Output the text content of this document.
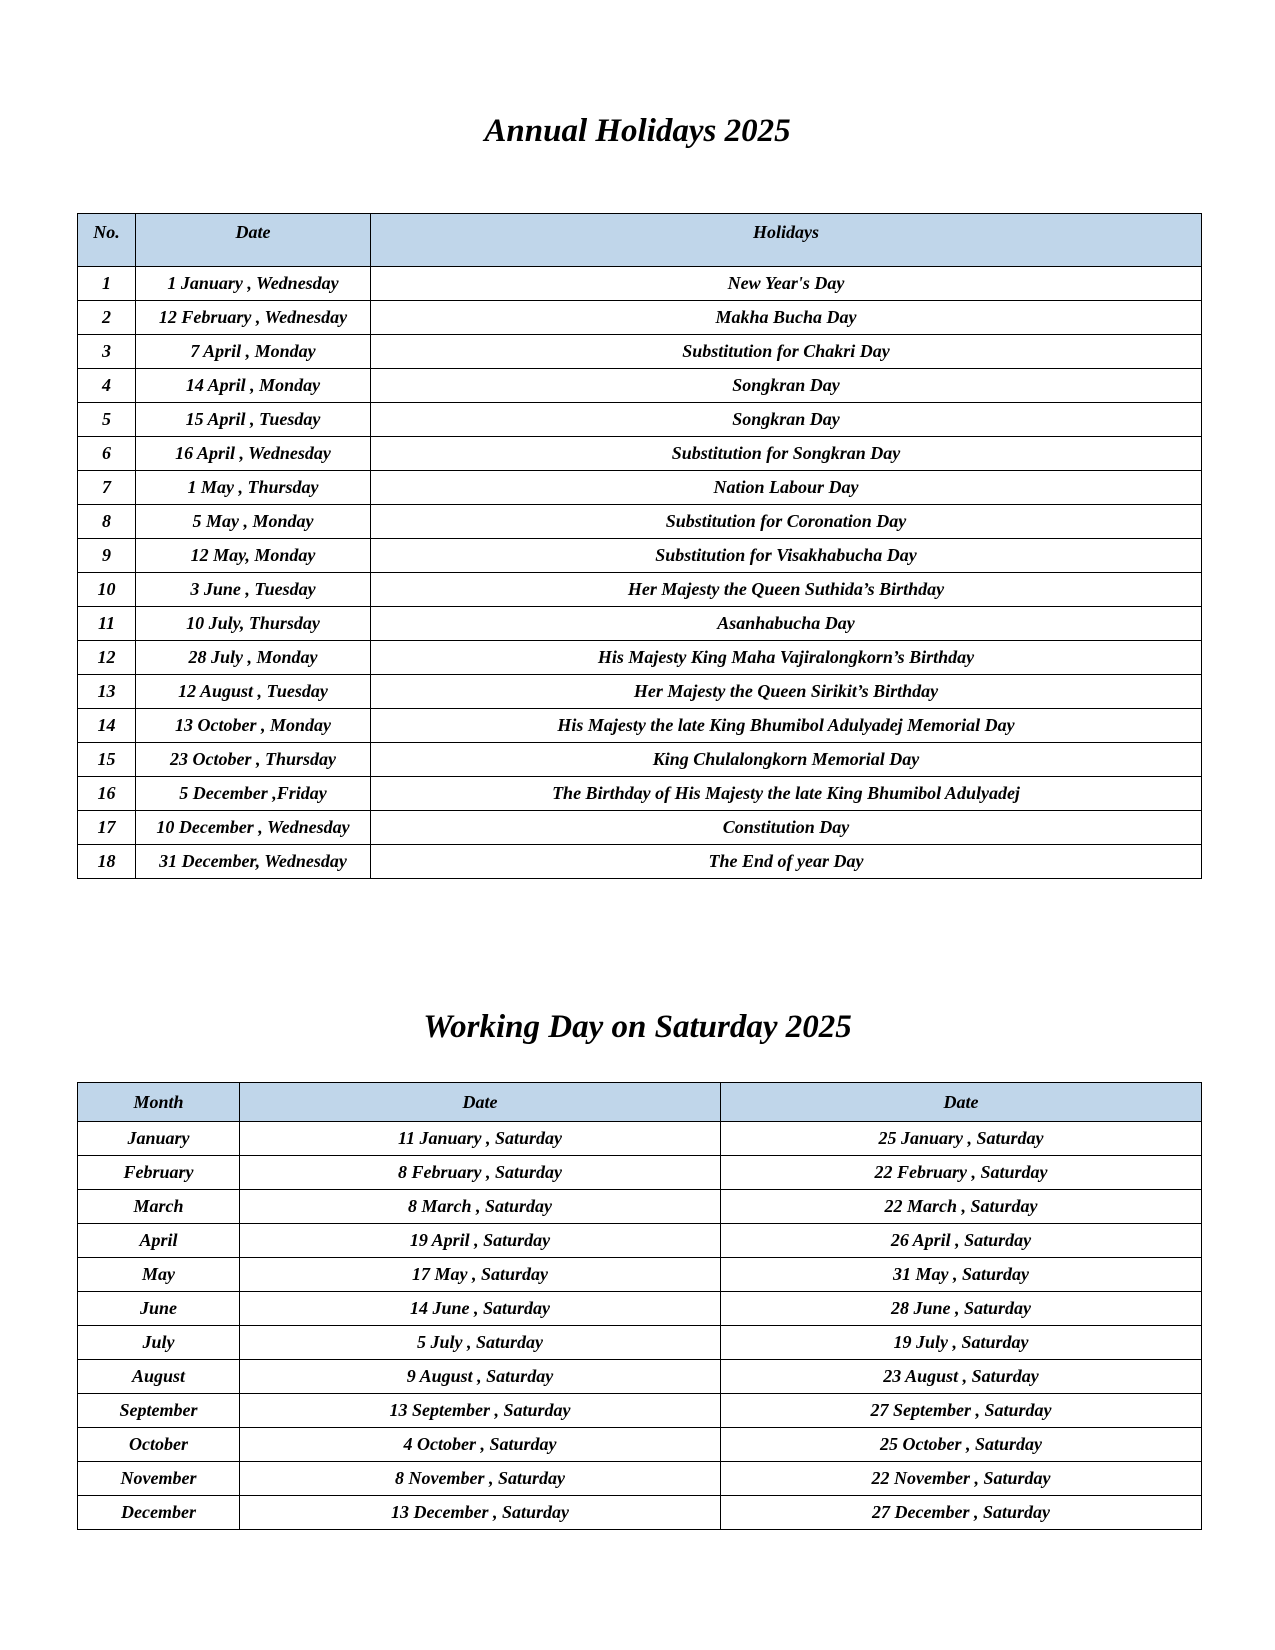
Annual Holidays 2025
No.	Date	Holidays
1	1 January , Wednesday	New Year's Day
2	12 February , Wednesday	Makha Bucha Day
3	7 April , Monday	Substitution for Chakri Day
4	14 April , Monday	Songkran Day
5	15 April , Tuesday	Songkran Day
6	16 April , Wednesday	Substitution for Songkran Day
7	1 May , Thursday	Nation Labour Day
8	5 May , Monday	Substitution for Coronation Day
9	12 May, Monday	Substitution for Visakhabucha Day
10	3 June , Tuesday	Her Majesty the Queen Suthida’s Birthday
11	10 July, Thursday	Asanhabucha Day
12	28 July , Monday	His Majesty King Maha Vajiralongkorn’s Birthday
13	12 August , Tuesday	Her Majesty the Queen Sirikit’s Birthday
14	13 October , Monday	His Majesty the late King Bhumibol Adulyadej Memorial Day
15	23 October , Thursday	King Chulalongkorn Memorial Day
16	5 December ,Friday	The Birthday of His Majesty the late King Bhumibol Adulyadej
17	10 December , Wednesday	Constitution Day
18	31 December, Wednesday	The End of year Day
Working Day on Saturday 2025
Month	Date	Date
January	11 January , Saturday	25 January , Saturday
February	8 February , Saturday	22 February , Saturday
March	8 March , Saturday	22 March , Saturday
April	19 April , Saturday	26 April , Saturday
May	17 May , Saturday	31 May , Saturday
June	14 June , Saturday	28 June , Saturday
July	5 July , Saturday	19 July , Saturday
August	9 August , Saturday	23 August , Saturday
September	13 September , Saturday	27 September , Saturday
October	4 October , Saturday	25 October , Saturday
November	8 November , Saturday	22 November , Saturday
December	13 December , Saturday	27 December , Saturday
